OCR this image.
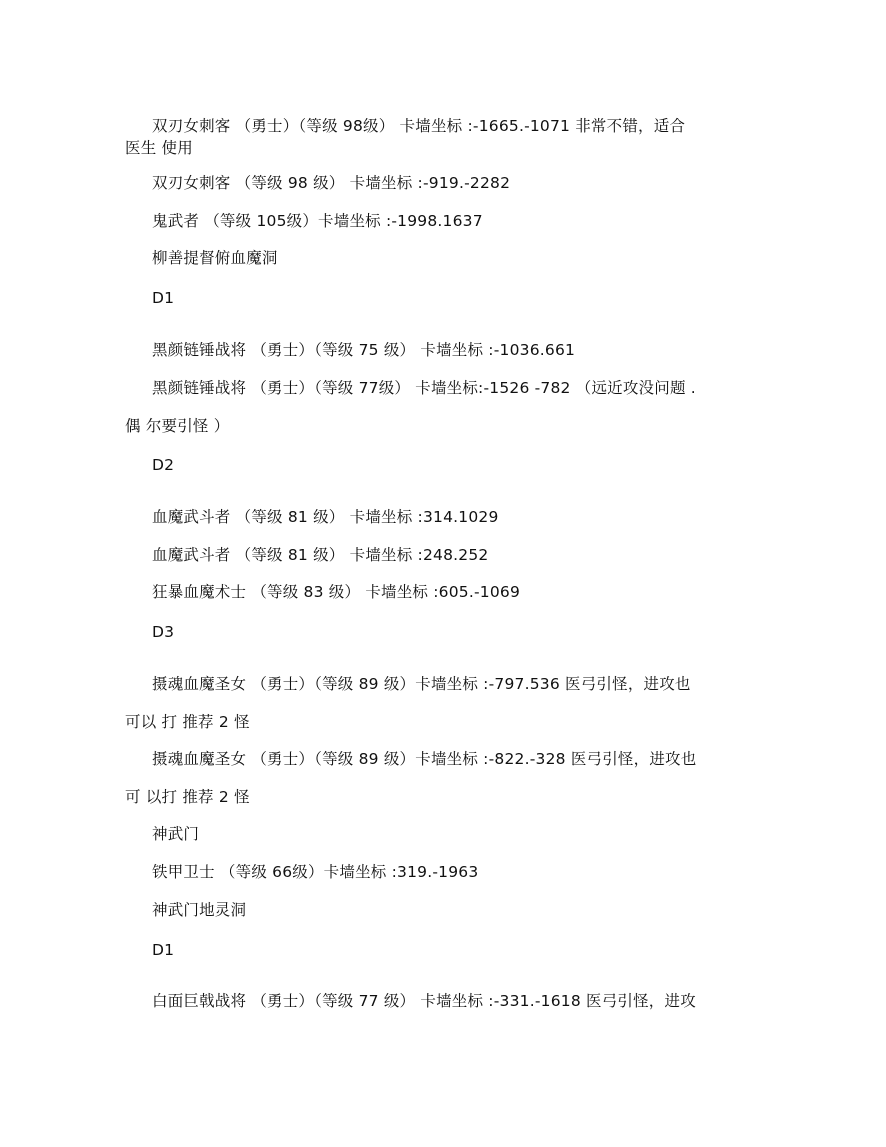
双刃女刺客 （勇士）（等级 98级） 卡墙坐标 :-1665.-1071 非常不错，适合
医生 使用
双刃女刺客 （等级 98 级） 卡墙坐标 :-919.-2282
鬼武者 （等级 105级）卡墙坐标 :-1998.1637
柳善提督俯血魔洞
D1
黑颜链锤战将 （勇士）（等级 75 级） 卡墙坐标 :-1036.661
黑颜链锤战将 （勇士）（等级 77级） 卡墙坐标:-1526 -782 （远近攻没问题 .
偶 尔要引怪 ）
D2
血魔武斗者 （等级 81 级） 卡墙坐标 :314.1029
血魔武斗者 （等级 81 级） 卡墙坐标 :248.252
狂暴血魔术士 （等级 83 级） 卡墙坐标 :605.-1069
D3
摄魂血魔圣女 （勇士）（等级 89 级）卡墙坐标 :-797.536 医弓引怪，进攻也
可以 打 推荐 2 怪
摄魂血魔圣女 （勇士）（等级 89 级）卡墙坐标 :-822.-328 医弓引怪，进攻也
可 以打 推荐 2 怪
神武门
铁甲卫士 （等级 66级）卡墙坐标 :319.-1963
神武门地灵洞
D1
白面巨戟战将 （勇士）（等级 77 级） 卡墙坐标 :-331.-1618 医弓引怪，进攻
